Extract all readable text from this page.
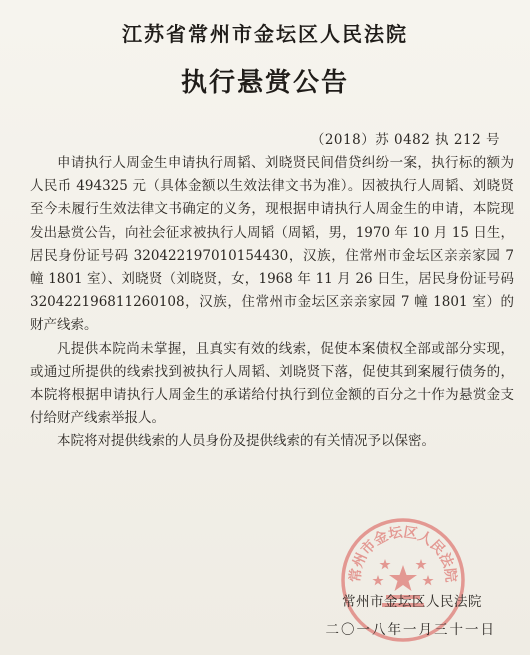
江苏省常州市金坛区人民法院
执行悬赏公告
（2018）苏 0482 执 212 号

申请执行人周金生申请执行周韬、刘晓贤民间借贷纠纷一案，执行标的额为人民币 494325 元（具体金额以生效法律文书为准）。因被执行人周韬、刘晓贤至今未履行生效法律文书确定的义务，现根据申请执行人周金生的申请，本院现发出悬赏公告，向社会征求被执行人周韬（周韬，男，1970 年 10 月 15 日生，居民身份证号码 320422197010154430，汉族，住常州市金坛区亲亲家园 7 幢 1801 室）、刘晓贤（刘晓贤，女，1968 年 11 月 26 日生，居民身份证号码 320422196811260108，汉族，住常州市金坛区亲亲家园 7 幢 1801 室）的财产线索。

凡提供本院尚未掌握，且真实有效的线索，促使本案债权全部或部分实现，或通过所提供的线索找到被执行人周韬、刘晓贤下落，促使其到案履行债务的，本院将根据申请执行人周金生的承诺给付执行到位金额的百分之十作为悬赏金支付给财产线索举报人。

本院将对提供线索的人员身份及提供线索的有关情况予以保密。

常州市金坛区人民法院
常州市金坛区人民法院
二〇一八年一月三十一日
